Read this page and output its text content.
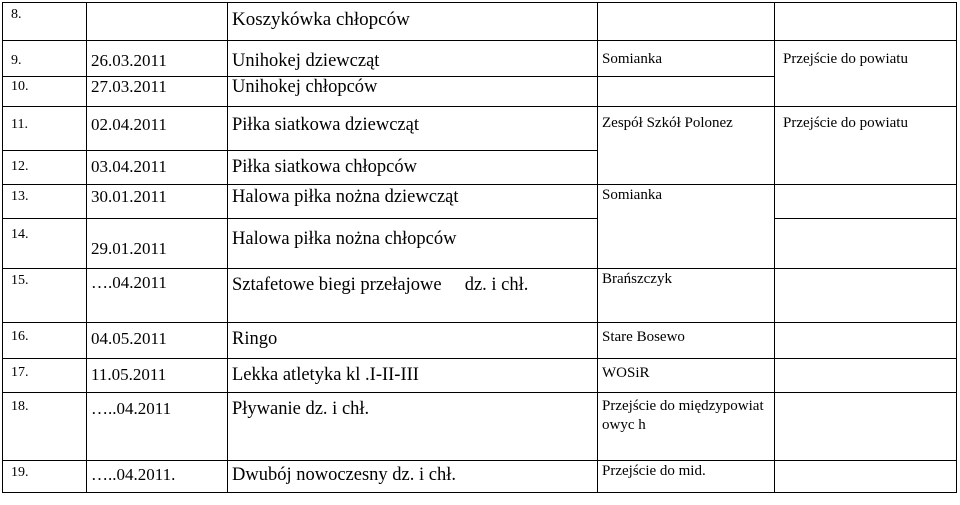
8.		Koszykówka chłopców		
9.	26.03.2011	Unihokej dziewcząt	Somianka	Przejście do powiatu
10.	27.03.2011	Unihokej chłopców		
11.	02.04.2011	Piłka siatkowa dziewcząt	Zespół Szkół Polonez	Przejście do powiatu
12.	03.04.2011	Piłka siatkowa chłopców		
13.	30.01.2011	Halowa piłka nożna dziewcząt	Somianka	
14.	29.01.2011	Halowa piłka nożna chłopców		
15.	….04.2011	Sztafetowe biegi przełajowe     dz. i chł.	Brańszczyk	
16.	04.05.2011	Ringo	Stare Bosewo	
17.	11.05.2011	Lekka atletyka kl .I-II-III	WOSiR	
18.	…..04.2011	Pływanie dz. i chł.	Przejście do międzypowiatowyc h	
19.	…..04.2011.	Dwubój nowoczesny dz. i chł.	Przejście do mid.	
